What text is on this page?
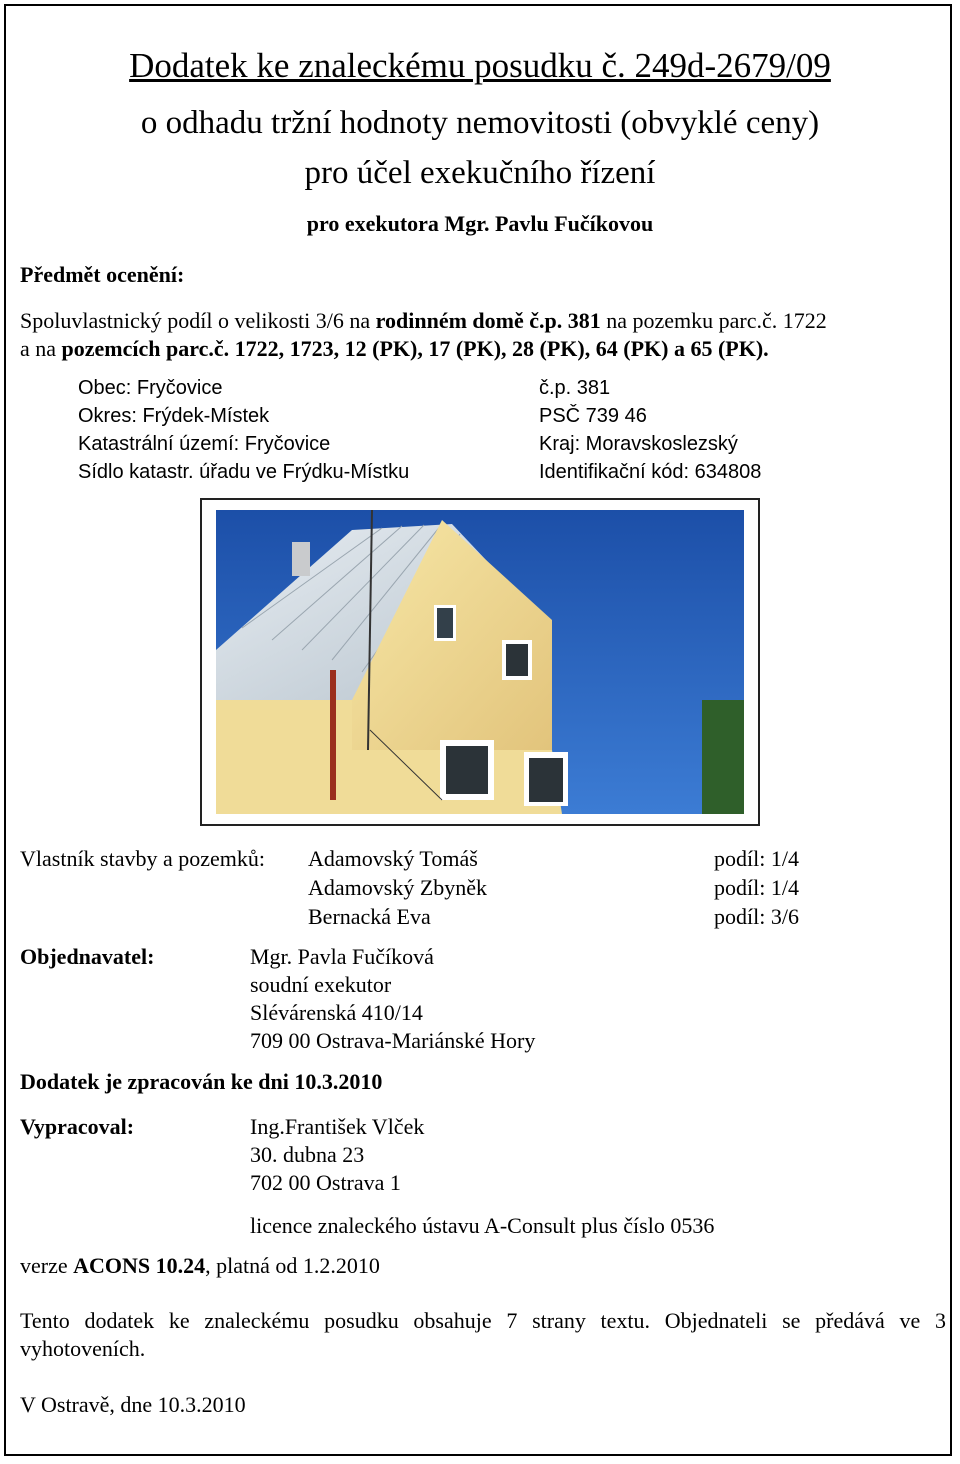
Dodatek ke znaleckému posudku č. 249d-2679/09
o odhadu tržní hodnoty nemovitosti (obvyklé ceny)
pro účel exekučního řízení
pro exekutora Mgr. Pavlu Fučíkovou
Předmět ocenění:
Spoluvlastnický podíl o velikosti 3/6 na rodinném domě č.p. 381 na pozemku parc.č. 1722
a na pozemcích parc.č. 1722, 1723, 12 (PK), 17 (PK), 28 (PK), 64 (PK) a 65 (PK).
Obec: Fryčovice
Okres: Frýdek-Místek
Katastrální území: Fryčovice
Sídlo katastr. úřadu ve Frýdku-Místku
č.p. 381
PSČ 739 46
Kraj: Moravskoslezský
Identifikační kód: 634808
Vlastník stavby a pozemků: Adamovský Tomáš
Adamovský Zbyněk
Bernacká Eva
podíl: 1/4
podíl: 1/4
podíl: 3/6
Objednavatel:	Mgr. Pavla Fučíková
soudní exekutor
Slévárenská 410/14
709 00 Ostrava-Mariánské Hory
Dodatek je zpracován ke dni 10.3.2010
Vypracoval:	Ing.František Vlček
30. dubna 23
702 00 Ostrava 1
licence znaleckého ústavu A-Consult plus číslo 0536
verze ACONS 10.24, platná od 1.2.2010
Tento dodatek ke znaleckému posudku obsahuje 7 strany textu. Objednateli se předává ve 3 vyhotoveních.
V Ostravě, dne 10.3.2010
